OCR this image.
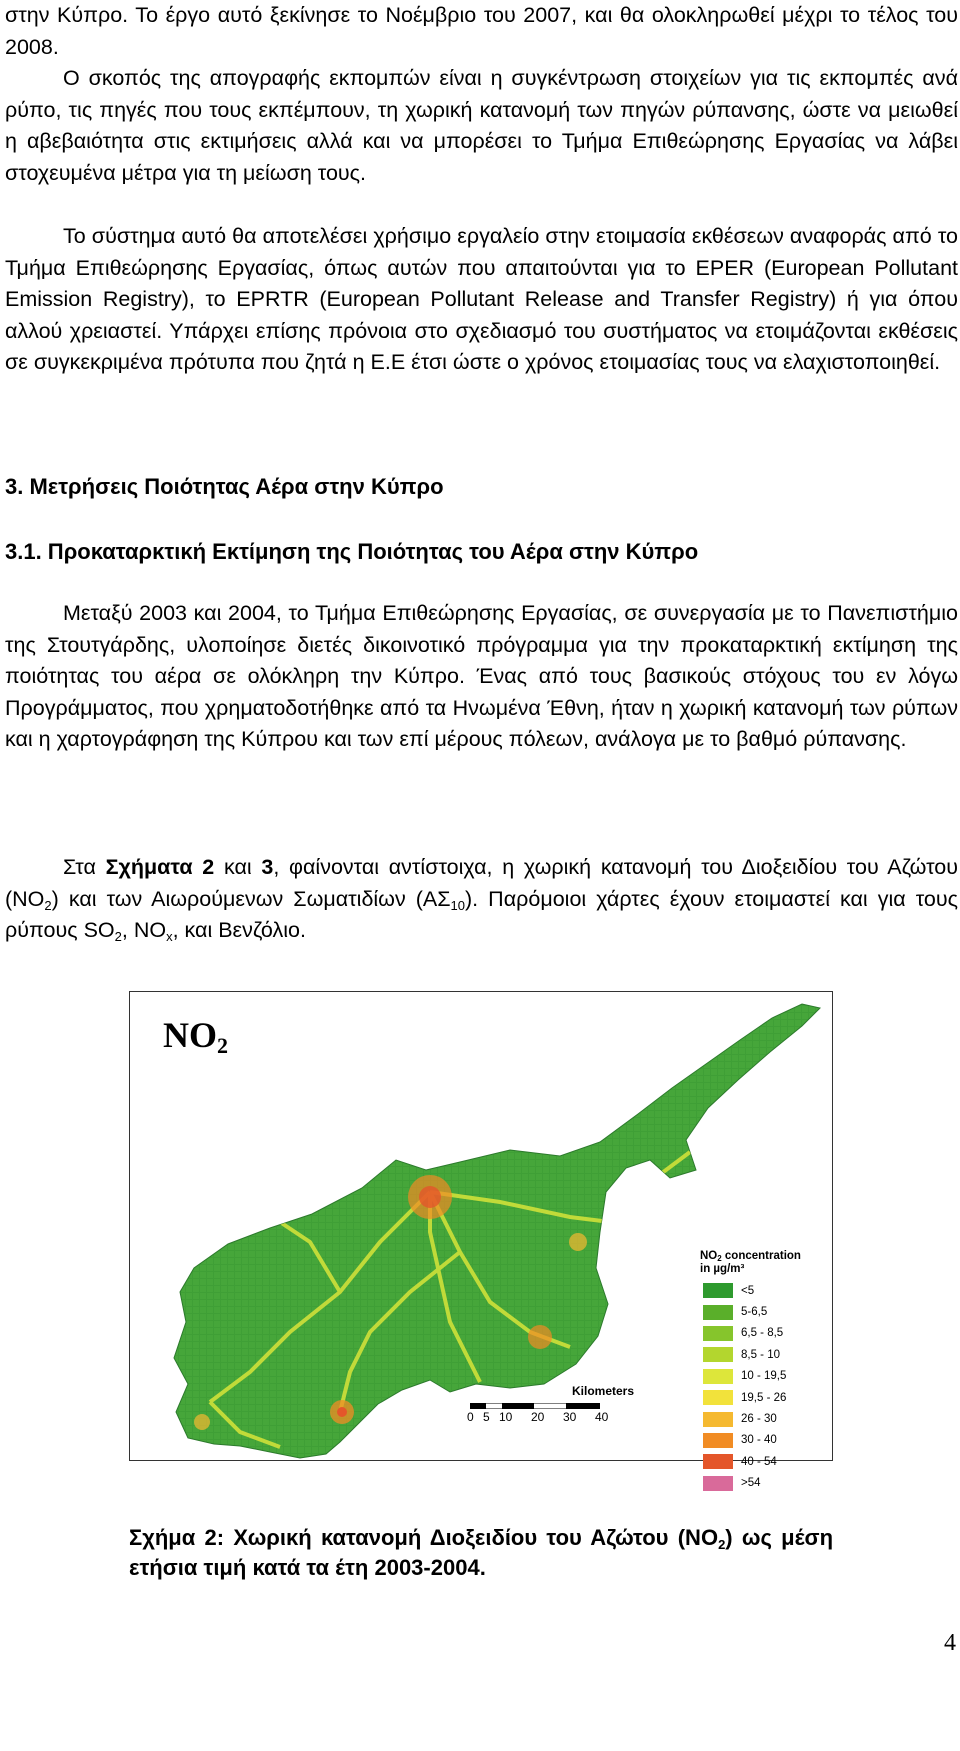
στην Κύπρο. Το έργο αυτό ξεκίνησε το Νοέμβριο του 2007, και θα ολοκληρωθεί μέχρι το τέλος του 2008.

Ο σκοπός της απογραφής εκπομπών είναι η συγκέντρωση στοιχείων για τις εκπομπές ανά ρύπο, τις πηγές που τους εκπέμπουν, τη χωρική κατανομή των πηγών ρύπανσης, ώστε να μειωθεί η αβεβαιότητα στις εκτιμήσεις αλλά και να μπορέσει το Τμήμα Επιθεώρησης Εργασίας να λάβει στοχευμένα μέτρα για τη μείωση τους.

Το σύστημα αυτό θα αποτελέσει χρήσιμο εργαλείο στην ετοιμασία εκθέσεων αναφοράς από το Τμήμα Επιθεώρησης Εργασίας, όπως αυτών που απαιτούνται για το EPER (European Pollutant Emission Registry), το EPRTR (European Pollutant Release and Transfer Registry) ή για όπου αλλού χρειαστεί. Υπάρχει επίσης πρόνοια στο σχεδιασμό του συστήματος να ετοιμάζονται εκθέσεις σε συγκεκριμένα πρότυπα που ζητά η Ε.Ε έτσι ώστε ο χρόνος ετοιμασίας τους να ελαχιστοποιηθεί.

3. Μετρήσεις Ποιότητας Αέρα στην Κύπρο
3.1. Προκαταρκτική Εκτίμηση της Ποιότητας του Αέρα στην Κύπρο

Μεταξύ 2003 και 2004, το Τμήμα Επιθεώρησης Εργασίας, σε συνεργασία με το Πανεπιστήμιο της Στουτγάρδης, υλοποίησε διετές δικοινοτικό πρόγραμμα για την προκαταρκτική εκτίμηση της ποιότητας του αέρα σε ολόκληρη την Κύπρο. Ένας από τους βασικούς στόχους του εν λόγω Προγράμματος, που χρηματοδοτήθηκε από τα Ηνωμένα Έθνη, ήταν η χωρική κατανομή των ρύπων και η χαρτογράφηση της Κύπρου και των επί μέρους πόλεων, ανάλογα με το βαθμό ρύπανσης.

Στα Σχήματα 2 και 3, φαίνονται αντίστοιχα, η χωρική κατανομή του Διοξειδίου του Αζώτου $(NO_2)$ και των Αιωρούμενων Σωματιδίων $(A\Sigma_{10})$. Παρόμοιοι χάρτες έχουν ετοιμαστεί και για τους ρύπους $SO_2$, $NO_x$, και Βενζόλιο.

$NO_2$
$NO_2$ concentration
in µg/m³
<5
5-6,5
6,5 - 8,5
8,5 - 10
10 - 19,5
19,5 - 26
26 - 30
30 - 40
40 - 54
>54
Kilometers
0 5 10 20 30 40
Σχήμα 2: Χωρική κατανομή Διοξειδίου του Αζώτου $(NO_2)$ ως μέση ετήσια τιμή κατά τα έτη 2003-2004.
4
